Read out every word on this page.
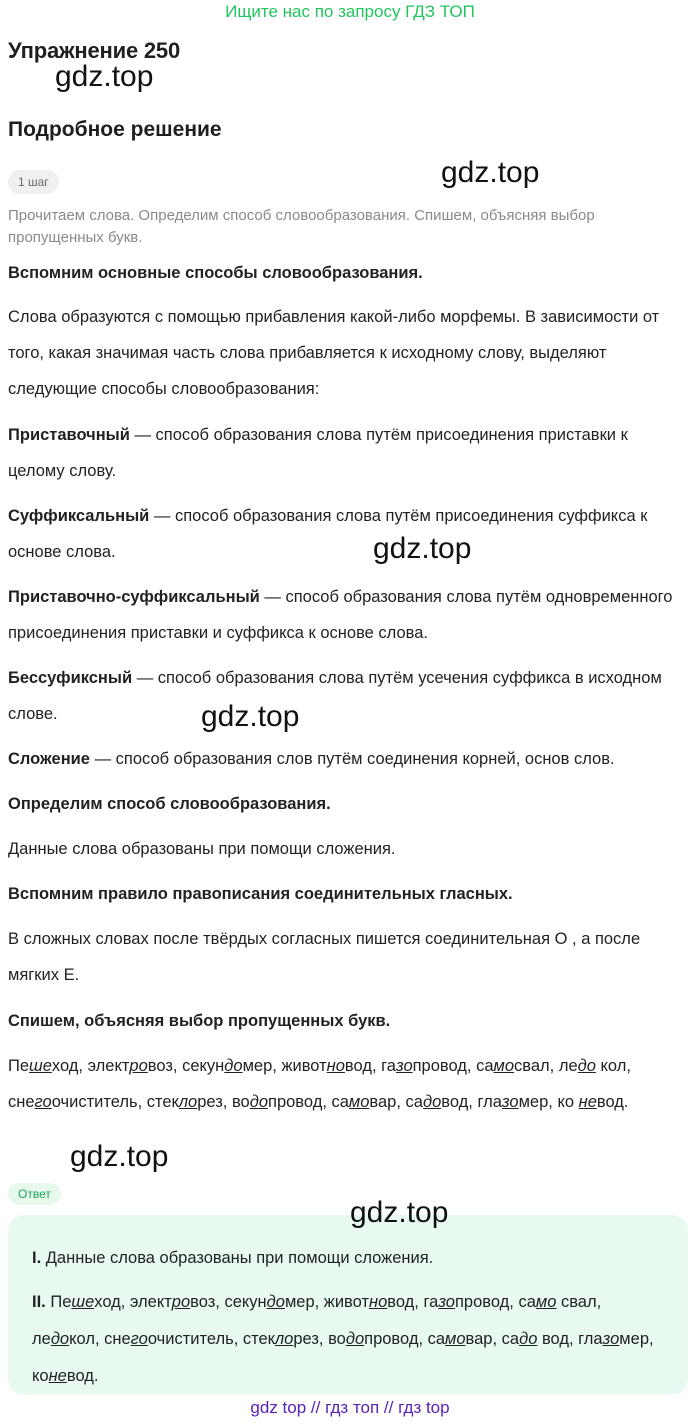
Ищите нас по запросу ГДЗ ТОП
Упражнение 250
gdz.top
Подробное решение
1 шаг	gdz.top
Прочитаем слова. Определим способ словообразования. Спишем, объясняя выбор пропущенных букв.
Вспомним основные способы словообразования.
Слова образуются с помощью прибавления какой-либо морфемы. В зависимости от того, какая значимая часть слова прибавляется к исходному слову, выделяют следующие способы словообразования:
Приставочный — способ образования слова путём присоединения приставки к целому слову.
Суффиксальный — способ образования слова путём присоединения суффикса к основе слова.	gdz.top
Приставочно-суффиксальный — способ образования слова путём одновременного присоединения приставки и суффикса к основе слова.
Бессуфиксный — способ образования слова путём усечения суффикса в исходном слове.	gdz.top
Сложение — способ образования слов путём соединения корней, основ слов.
Определим способ словообразования.
Данные слова образованы при помощи сложения.
Вспомним правило правописания соединительных гласных.
В сложных словах после твёрдых согласных пишется соединительная О , а после мягких Е.
Спишем, объясняя выбор пропущенных букв.
Пешеход, электровоз, секундомер, животновод, газопровод, самосвал, ледо кол, снегоочиститель, стеклорез, водопровод, самовар, садовод, глазомер, ко невод.
gdz.top
Ответ
gdz.top
I. Данные слова образованы при помощи сложения.
II. Пешеход, электровоз, секундомер, животновод, газопровод, само свал, ледокол, снегоочиститель, стеклорез, водопровод, самовар, садо вод, глазомер, коневод.
gdz top // гдз топ // гдз top
